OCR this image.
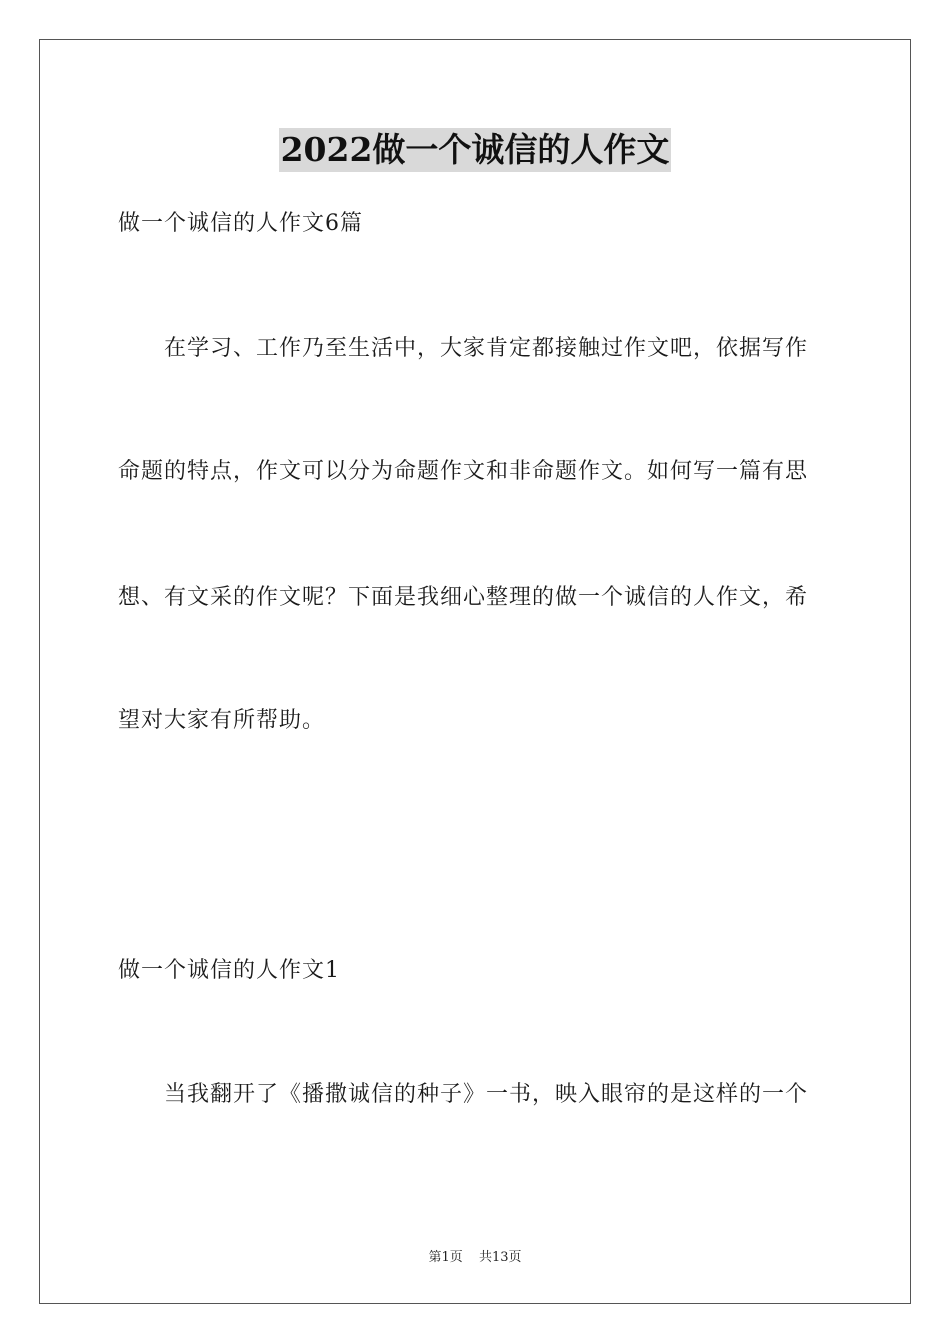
2022做一个诚信的人作文
做一个诚信的人作文6篇
在学习、工作乃至生活中，大家肯定都接触过作文吧，依据写作
命题的特点，作文可以分为命题作文和非命题作文。如何写一篇有思
想、有文采的作文呢？下面是我细心整理的做一个诚信的人作文，希
望对大家有所帮助。
做一个诚信的人作文1
当我翻开了《播撒诚信的种子》一书，映入眼帘的是这样的一个
第1页 共13页
